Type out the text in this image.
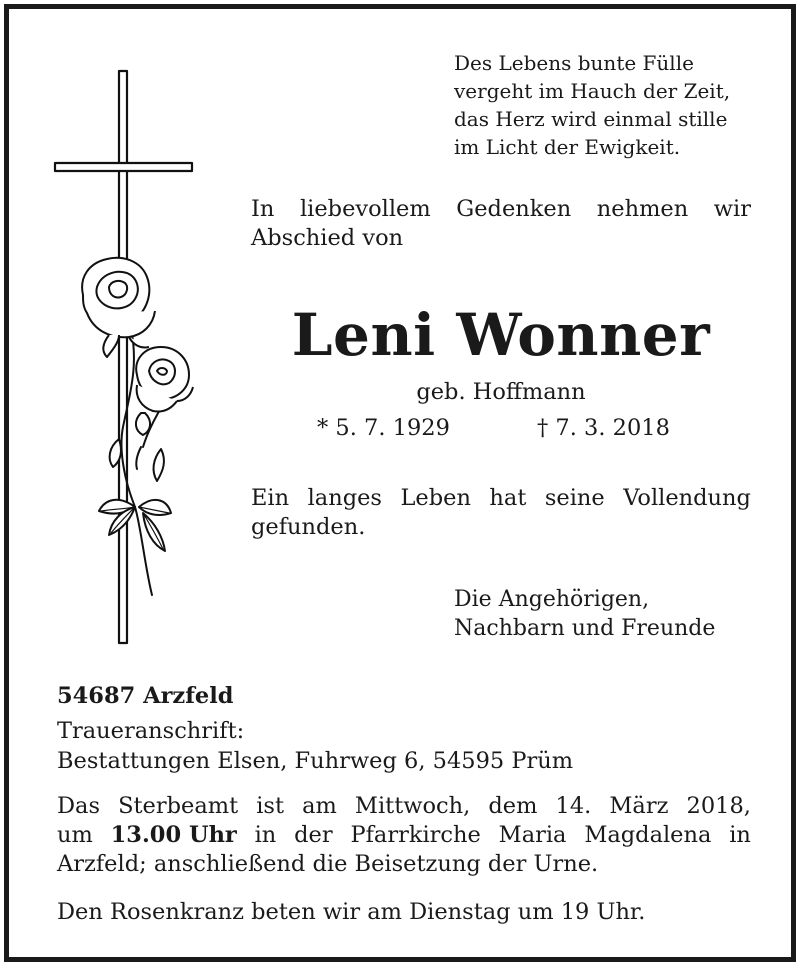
Des Lebens bunte Fülle
vergeht im Hauch der Zeit,
das Herz wird einmal stille
im Licht der Ewigkeit.
In liebevollem Gedenken nehmen wir
Abschied von
Leni Wonner
geb. Hoffmann
* 5. 7. 1929	† 7. 3. 2018
Ein langes Leben hat seine Vollendung
gefunden.
Die Angehörigen,
Nachbarn und Freunde
54687 Arzfeld
Traueranschrift:
Bestattungen Elsen, Fuhrweg 6, 54595 Prüm
Das Sterbeamt ist am Mittwoch, dem 14. März 2018,
um 13.00 Uhr in der Pfarrkirche Maria Magdalena in
Arzfeld; anschließend die Beisetzung der Urne.
Den Rosenkranz beten wir am Dienstag um 19 Uhr.
